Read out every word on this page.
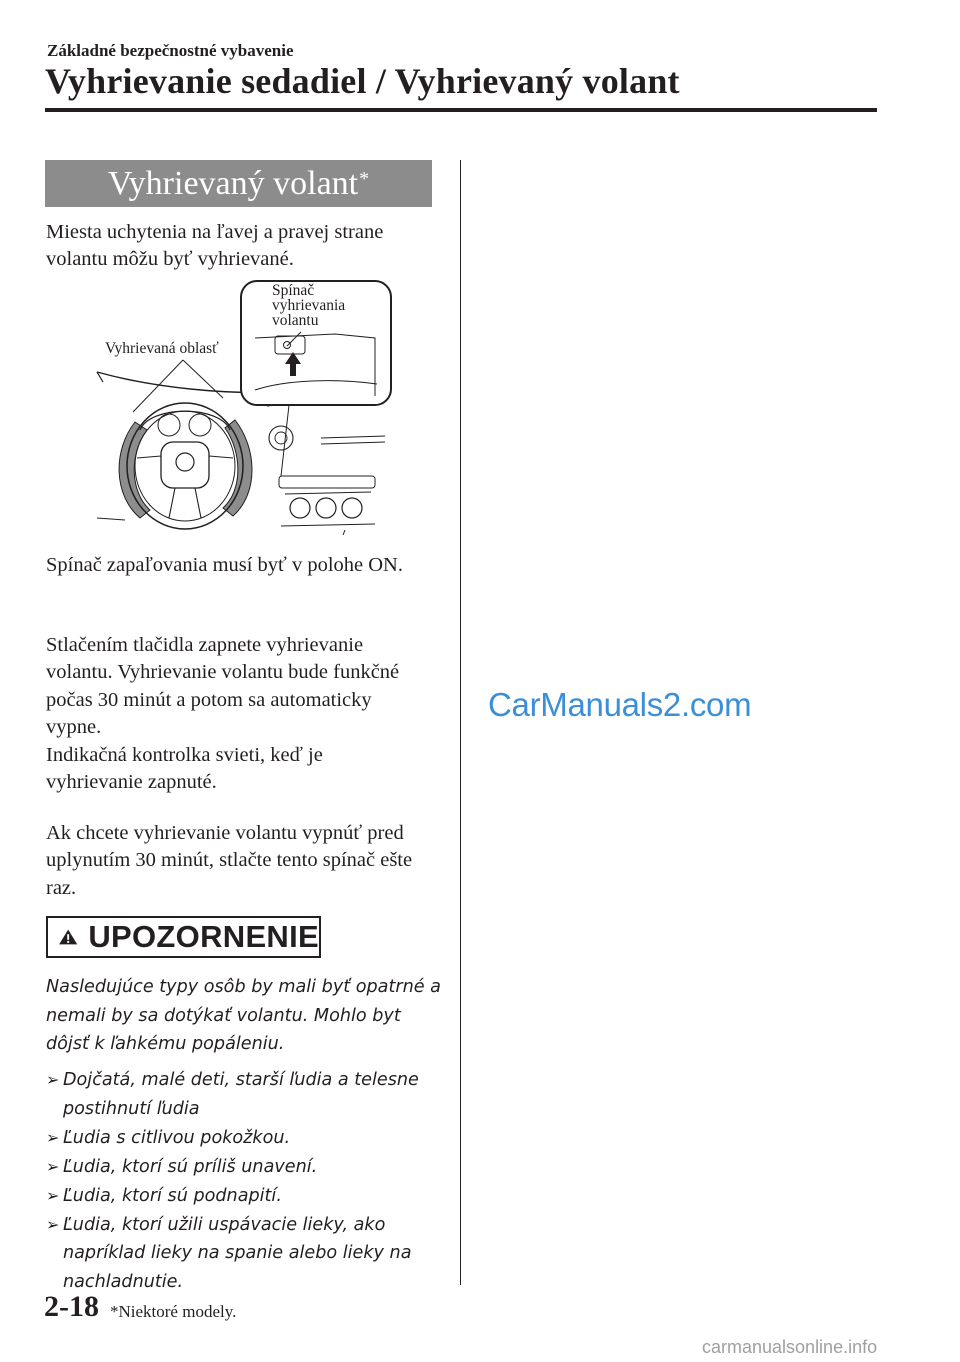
Základné bezpečnostné vybavenie
Vyhrievanie sedadiel / Vyhrievaný volant
Vyhrievaný volant*

Miesta uchytenia na ľavej a pravej strane volantu môžu byť vyhrievané.

Vyhrievaná oblasť
Spínač
vyhrievania
volantu

Spínač zapaľovania musí byť v polohe ON.

Stlačením tlačidla zapnete vyhrievanie volantu. Vyhrievanie volantu bude funkčné počas 30 minút a potom sa automaticky vypne.

Indikačná kontrolka svieti, keď je vyhrievanie zapnuté.

Ak chcete vyhrievanie volantu vypnúť pred uplynutím 30 minút, stlačte tento spínač ešte raz.

UPOZORNENIE
Nasledujúce typy osôb by mali byť opatrné a nemali by sa dotýkať volantu. Mohlo byt dôjsť k ľahkému popáleniu.
➢ Dojčatá, malé deti, starší ľudia a telesne postihnutí ľudia
➢ Ľudia s citlivou pokožkou.
➢ Ľudia, ktorí sú príliš unavení.
➢ Ľudia, ktorí sú podnapití.
➢ Ľudia, ktorí užili uspávacie lieky, ako napríklad lieky na spanie alebo lieky na nachladnutie.
2-18 *Niektoré modely.
CarManuals2.com
carmanualsonline.info
